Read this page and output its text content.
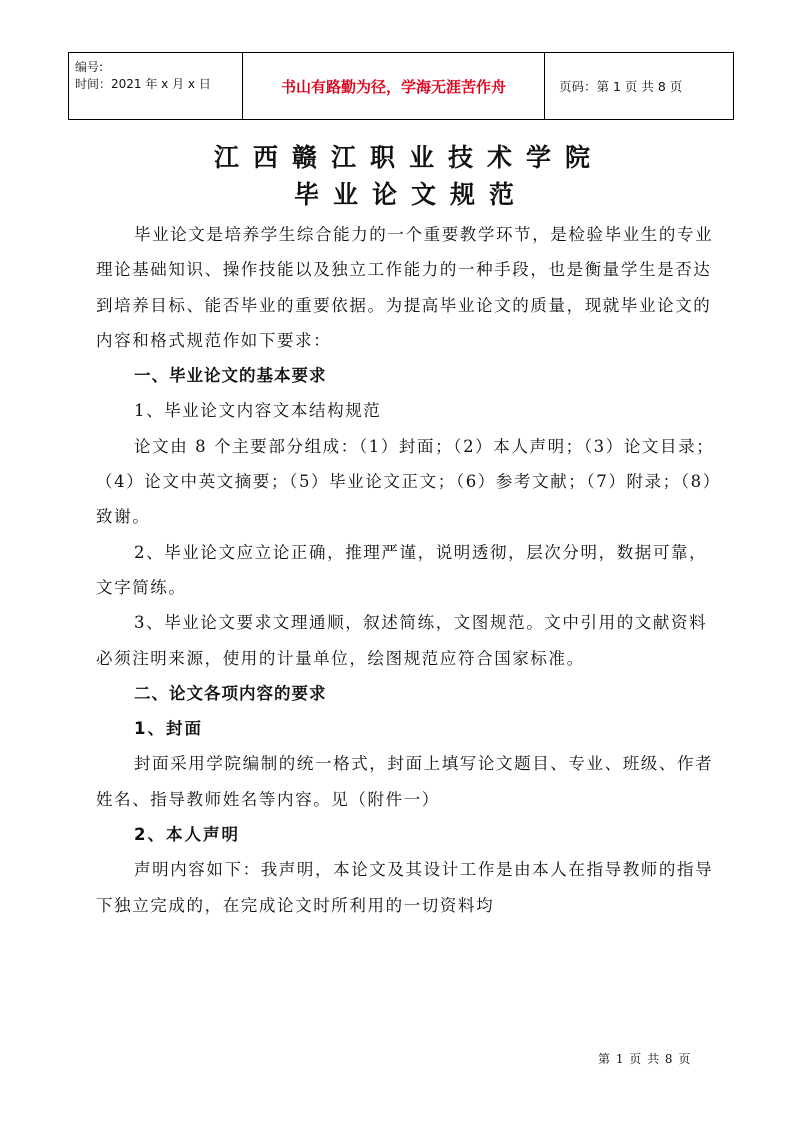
编号:
时间：2021 年 x 月 x 日	书山有路勤为径，学海无涯苦作舟	页码：第 1 页 共 8 页
江西赣江职业技术学院
毕业论文规范

毕业论文是培养学生综合能力的一个重要教学环节，是检验毕业生的专业理论基础知识、操作技能以及独立工作能力的一种手段，也是衡量学生是否达到培养目标、能否毕业的重要依据。为提高毕业论文的质量，现就毕业论文的内容和格式规范作如下要求：

一、毕业论文的基本要求

1、毕业论文内容文本结构规范

论文由 8 个主要部分组成：（1）封面；（2）本人声明；（3）论文目录；（4）论文中英文摘要；（5）毕业论文正文；（6）参考文献；（7）附录；（8）致谢。

2、毕业论文应立论正确，推理严谨，说明透彻，层次分明，数据可靠，文字简练。

3、毕业论文要求文理通顺，叙述简练，文图规范。文中引用的文献资料必须注明来源，使用的计量单位，绘图规范应符合国家标准。

二、论文各项内容的要求

1、封面

封面采用学院编制的统一格式，封面上填写论文题目、专业、班级、作者姓名、指导教师姓名等内容。见（附件一）

2、本人声明

声明内容如下：我声明，本论文及其设计工作是由本人在指导教师的指导下独立完成的，在完成论文时所利用的一切资料均

第 1 页 共 8 页
